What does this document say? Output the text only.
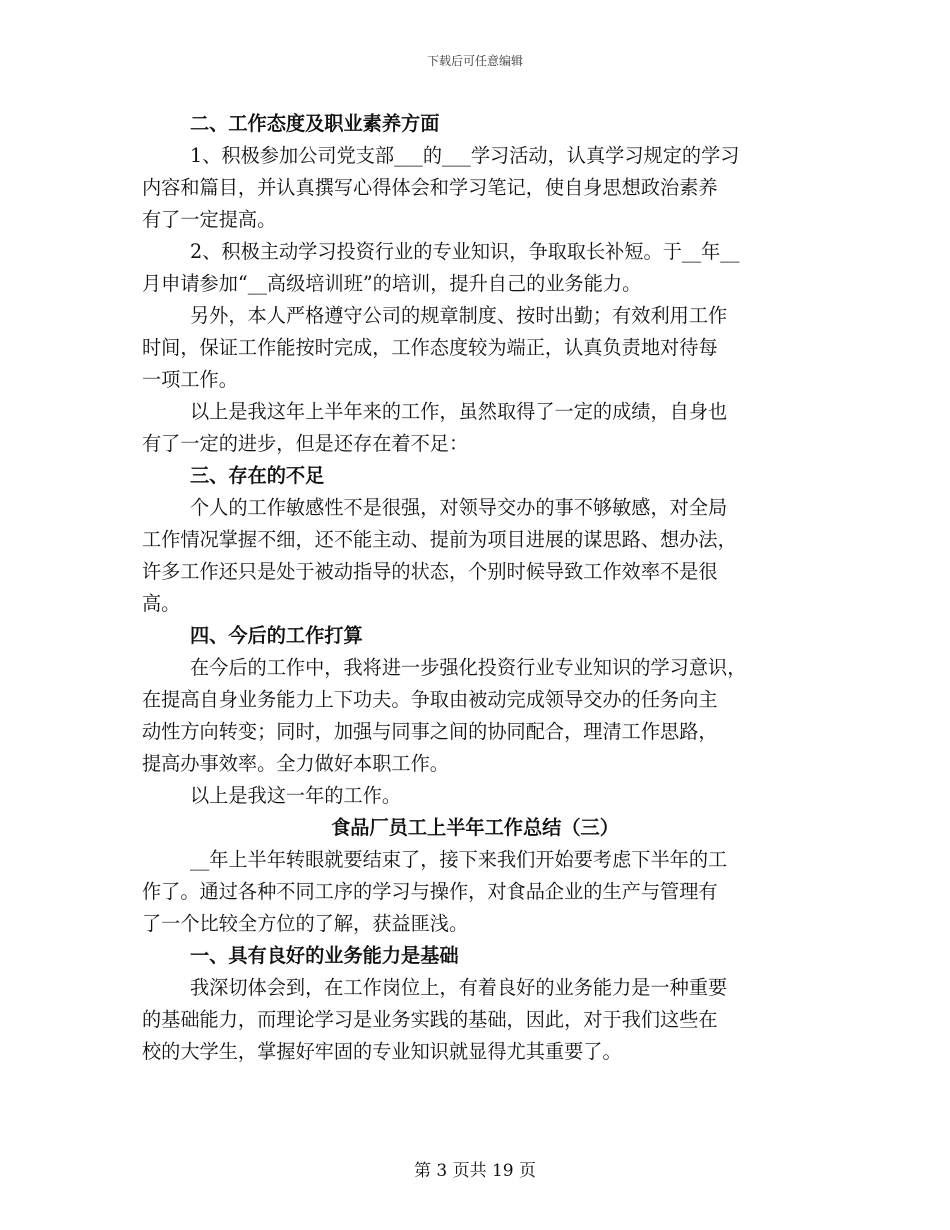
下载后可任意编辑
二、工作态度及职业素养方面
1、积极参加公司党支部___的___学习活动，认真学习规定的学习
内容和篇目，并认真撰写心得体会和学习笔记，使自身思想政治素养
有了一定提高。
2、积极主动学习投资行业的专业知识，争取取长补短。于__年__
月申请参加“__高级培训班”的培训，提升自己的业务能力。
另外，本人严格遵守公司的规章制度、按时出勤；有效利用工作
时间，保证工作能按时完成，工作态度较为端正，认真负责地对待每
一项工作。
以上是我这年上半年来的工作，虽然取得了一定的成绩，自身也
有了一定的进步，但是还存在着不足：
三、存在的不足
个人的工作敏感性不是很强，对领导交办的事不够敏感，对全局
工作情况掌握不细，还不能主动、提前为项目进展的谋思路、想办法，
许多工作还只是处于被动指导的状态，个别时候导致工作效率不是很
高。
四、今后的工作打算
在今后的工作中，我将进一步强化投资行业专业知识的学习意识，
在提高自身业务能力上下功夫。争取由被动完成领导交办的任务向主
动性方向转变；同时，加强与同事之间的协同配合，理清工作思路，
提高办事效率。全力做好本职工作。
以上是我这一年的工作。
食品厂员工上半年工作总结（三）
__年上半年转眼就要结束了，接下来我们开始要考虑下半年的工
作了。通过各种不同工序的学习与操作，对食品企业的生产与管理有
了一个比较全方位的了解，获益匪浅。
一、具有良好的业务能力是基础
我深切体会到，在工作岗位上，有着良好的业务能力是一种重要
的基础能力，而理论学习是业务实践的基础，因此，对于我们这些在
校的大学生，掌握好牢固的专业知识就显得尤其重要了。
第 3 页共 19 页
